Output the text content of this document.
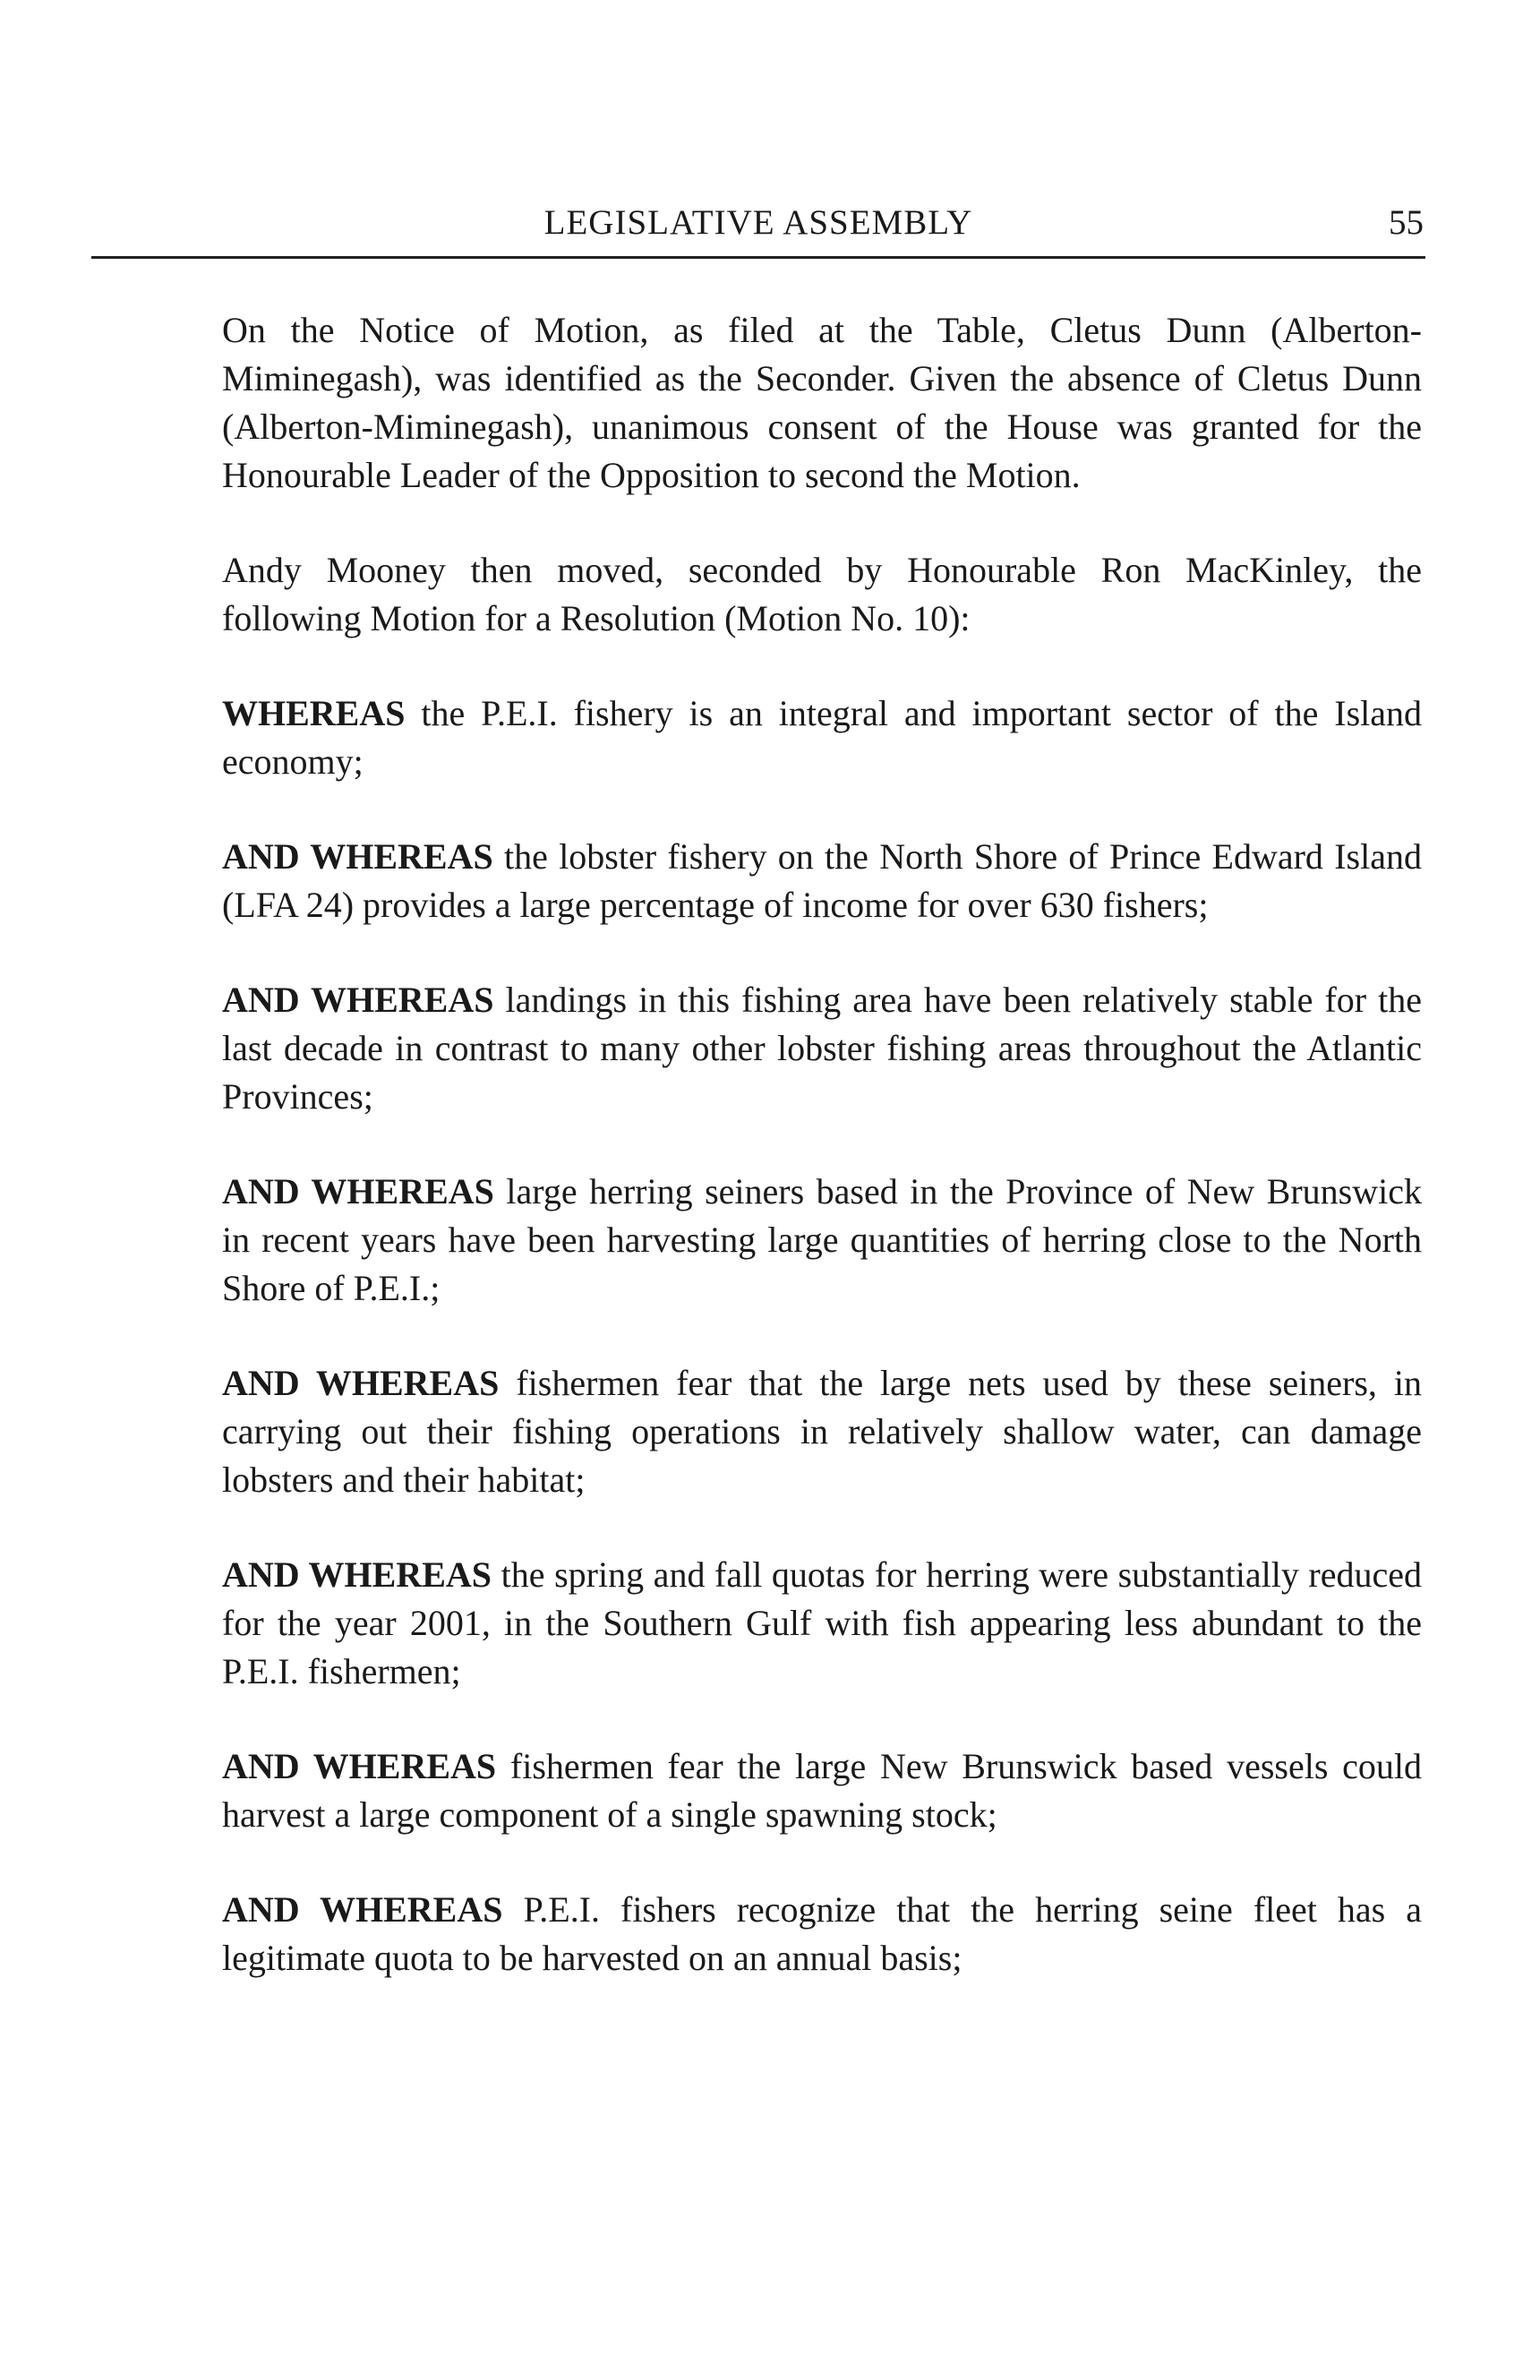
LEGISLATIVE ASSEMBLY	55

On the Notice of Motion, as filed at the Table, Cletus Dunn (Alberton-Miminegash), was identified as the Seconder. Given the absence of Cletus Dunn (Alberton-Miminegash), unanimous consent of the House was granted for the Honourable Leader of the Opposition to second the Motion.

Andy Mooney then moved, seconded by Honourable Ron MacKinley, the following Motion for a Resolution (Motion No. 10):

WHEREAS the P.E.I. fishery is an integral and important sector of the Island economy;

AND WHEREAS the lobster fishery on the North Shore of Prince Edward Island (LFA 24) provides a large percentage of income for over 630 fishers;

AND WHEREAS landings in this fishing area have been relatively stable for the last decade in contrast to many other lobster fishing areas throughout the Atlantic Provinces;

AND WHEREAS large herring seiners based in the Province of New Brunswick in recent years have been harvesting large quantities of herring close to the North Shore of P.E.I.;

AND WHEREAS fishermen fear that the large nets used by these seiners, in carrying out their fishing operations in relatively shallow water, can damage lobsters and their habitat;

AND WHEREAS the spring and fall quotas for herring were substantially reduced for the year 2001, in the Southern Gulf with fish appearing less abundant to the P.E.I. fishermen;

AND WHEREAS fishermen fear the large New Brunswick based vessels could harvest a large component of a single spawning stock;

AND WHEREAS P.E.I. fishers recognize that the herring seine fleet has a legitimate quota to be harvested on an annual basis;
